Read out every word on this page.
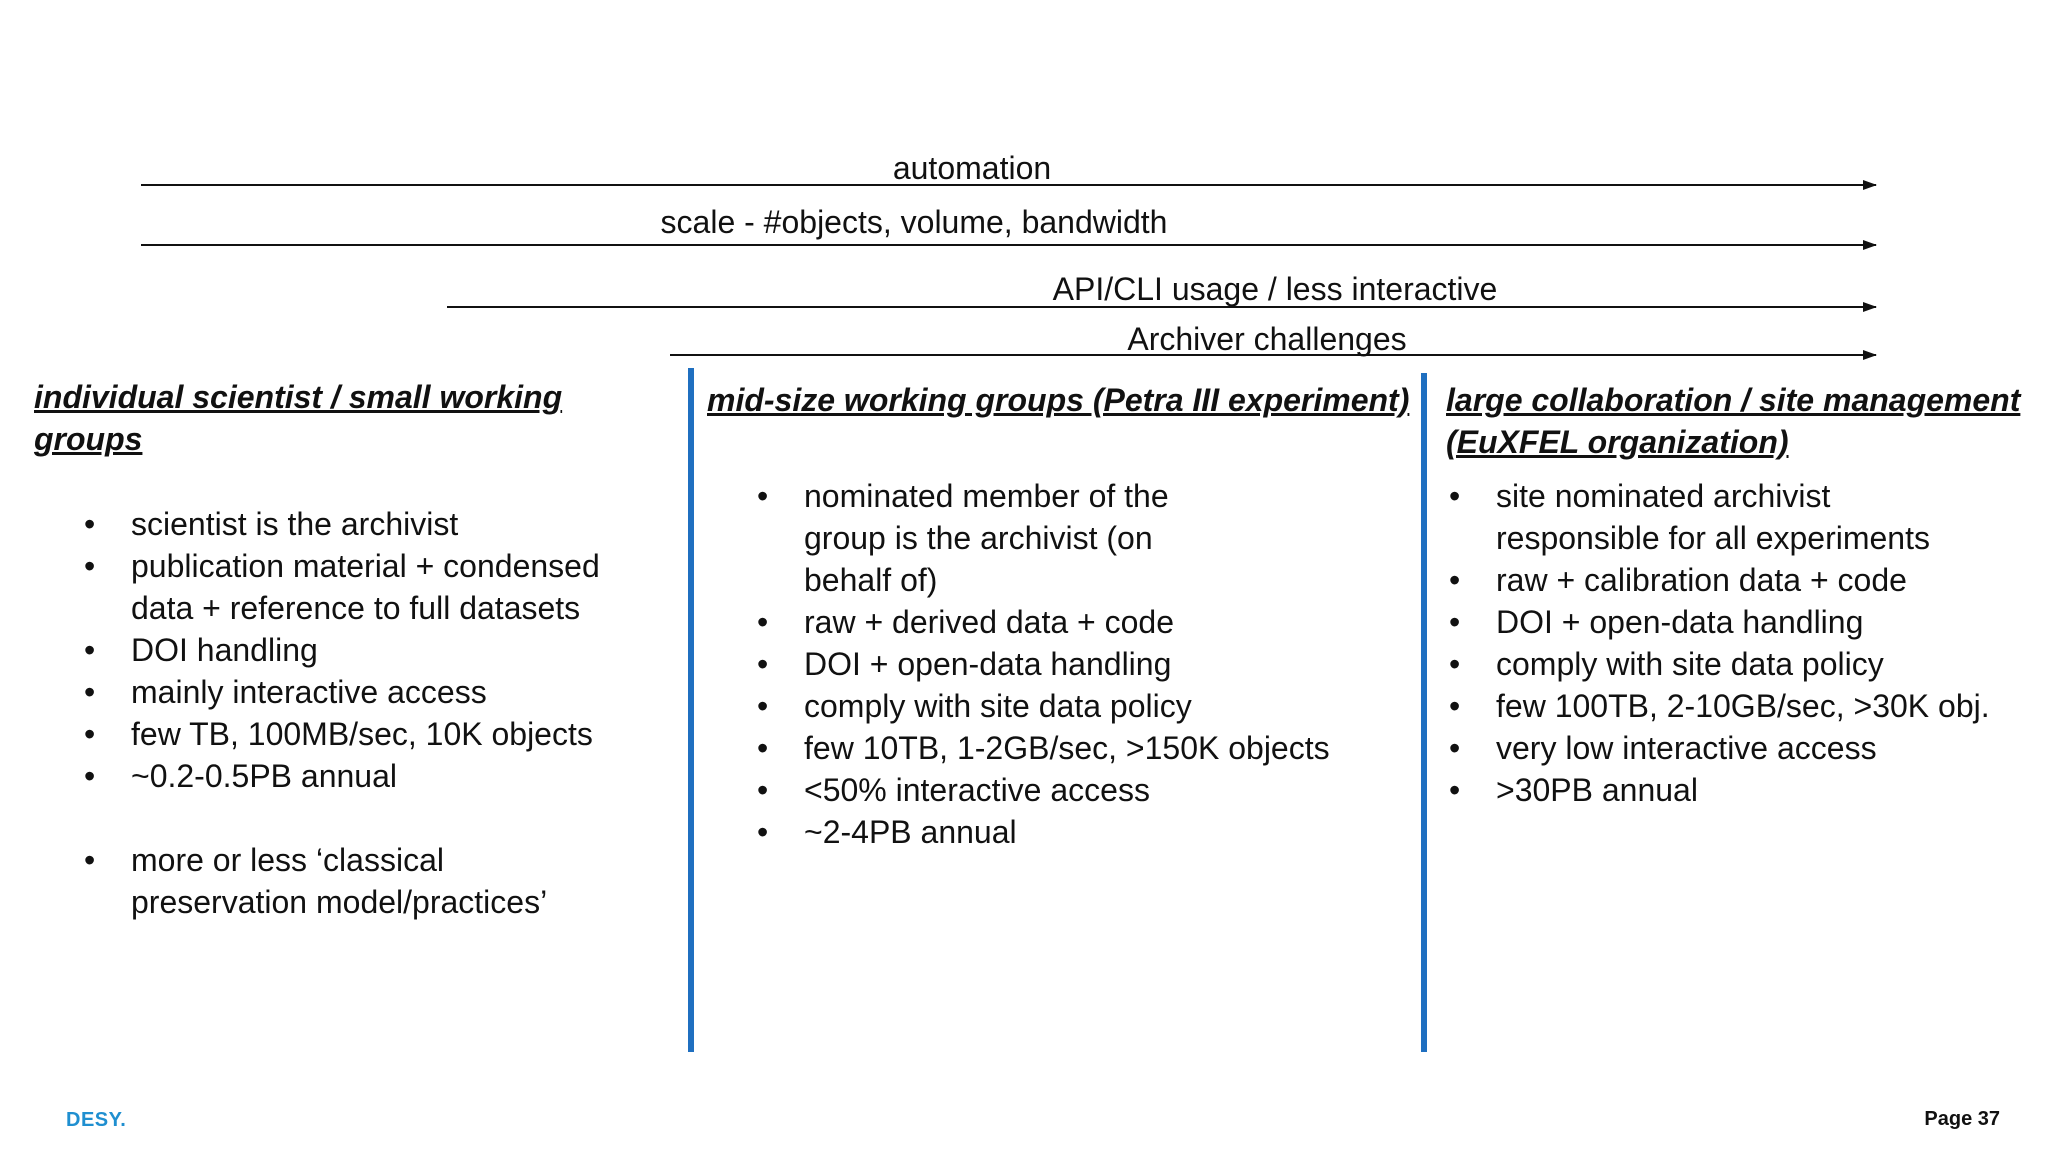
automation
scale - #objects, volume, bandwidth
API/CLI usage / less interactive
Archiver challenges
individual scientist / small working groups
• scientist is the archivist
• publication material + condensed data + reference to full datasets
• DOI handling
• mainly interactive access
• few TB, 100MB/sec, 10K objects
• ~0.2-0.5PB annual
• more or less ‘classical preservation model/practices’
mid-size working groups (Petra III experiment)
• nominated member of the group is the archivist (on behalf of)
• raw + derived data + code
• DOI + open-data handling
• comply with site data policy
• few 10TB, 1-2GB/sec, >150K objects
• <50% interactive access
• ~2-4PB annual
large collaboration / site management (EuXFEL organization)
• site nominated archivist responsible for all experiments
• raw + calibration data + code
• DOI + open-data handling
• comply with site data policy
• few 100TB, 2-10GB/sec, >30K obj.
• very low interactive access
• >30PB annual
DESY.	Page 37
